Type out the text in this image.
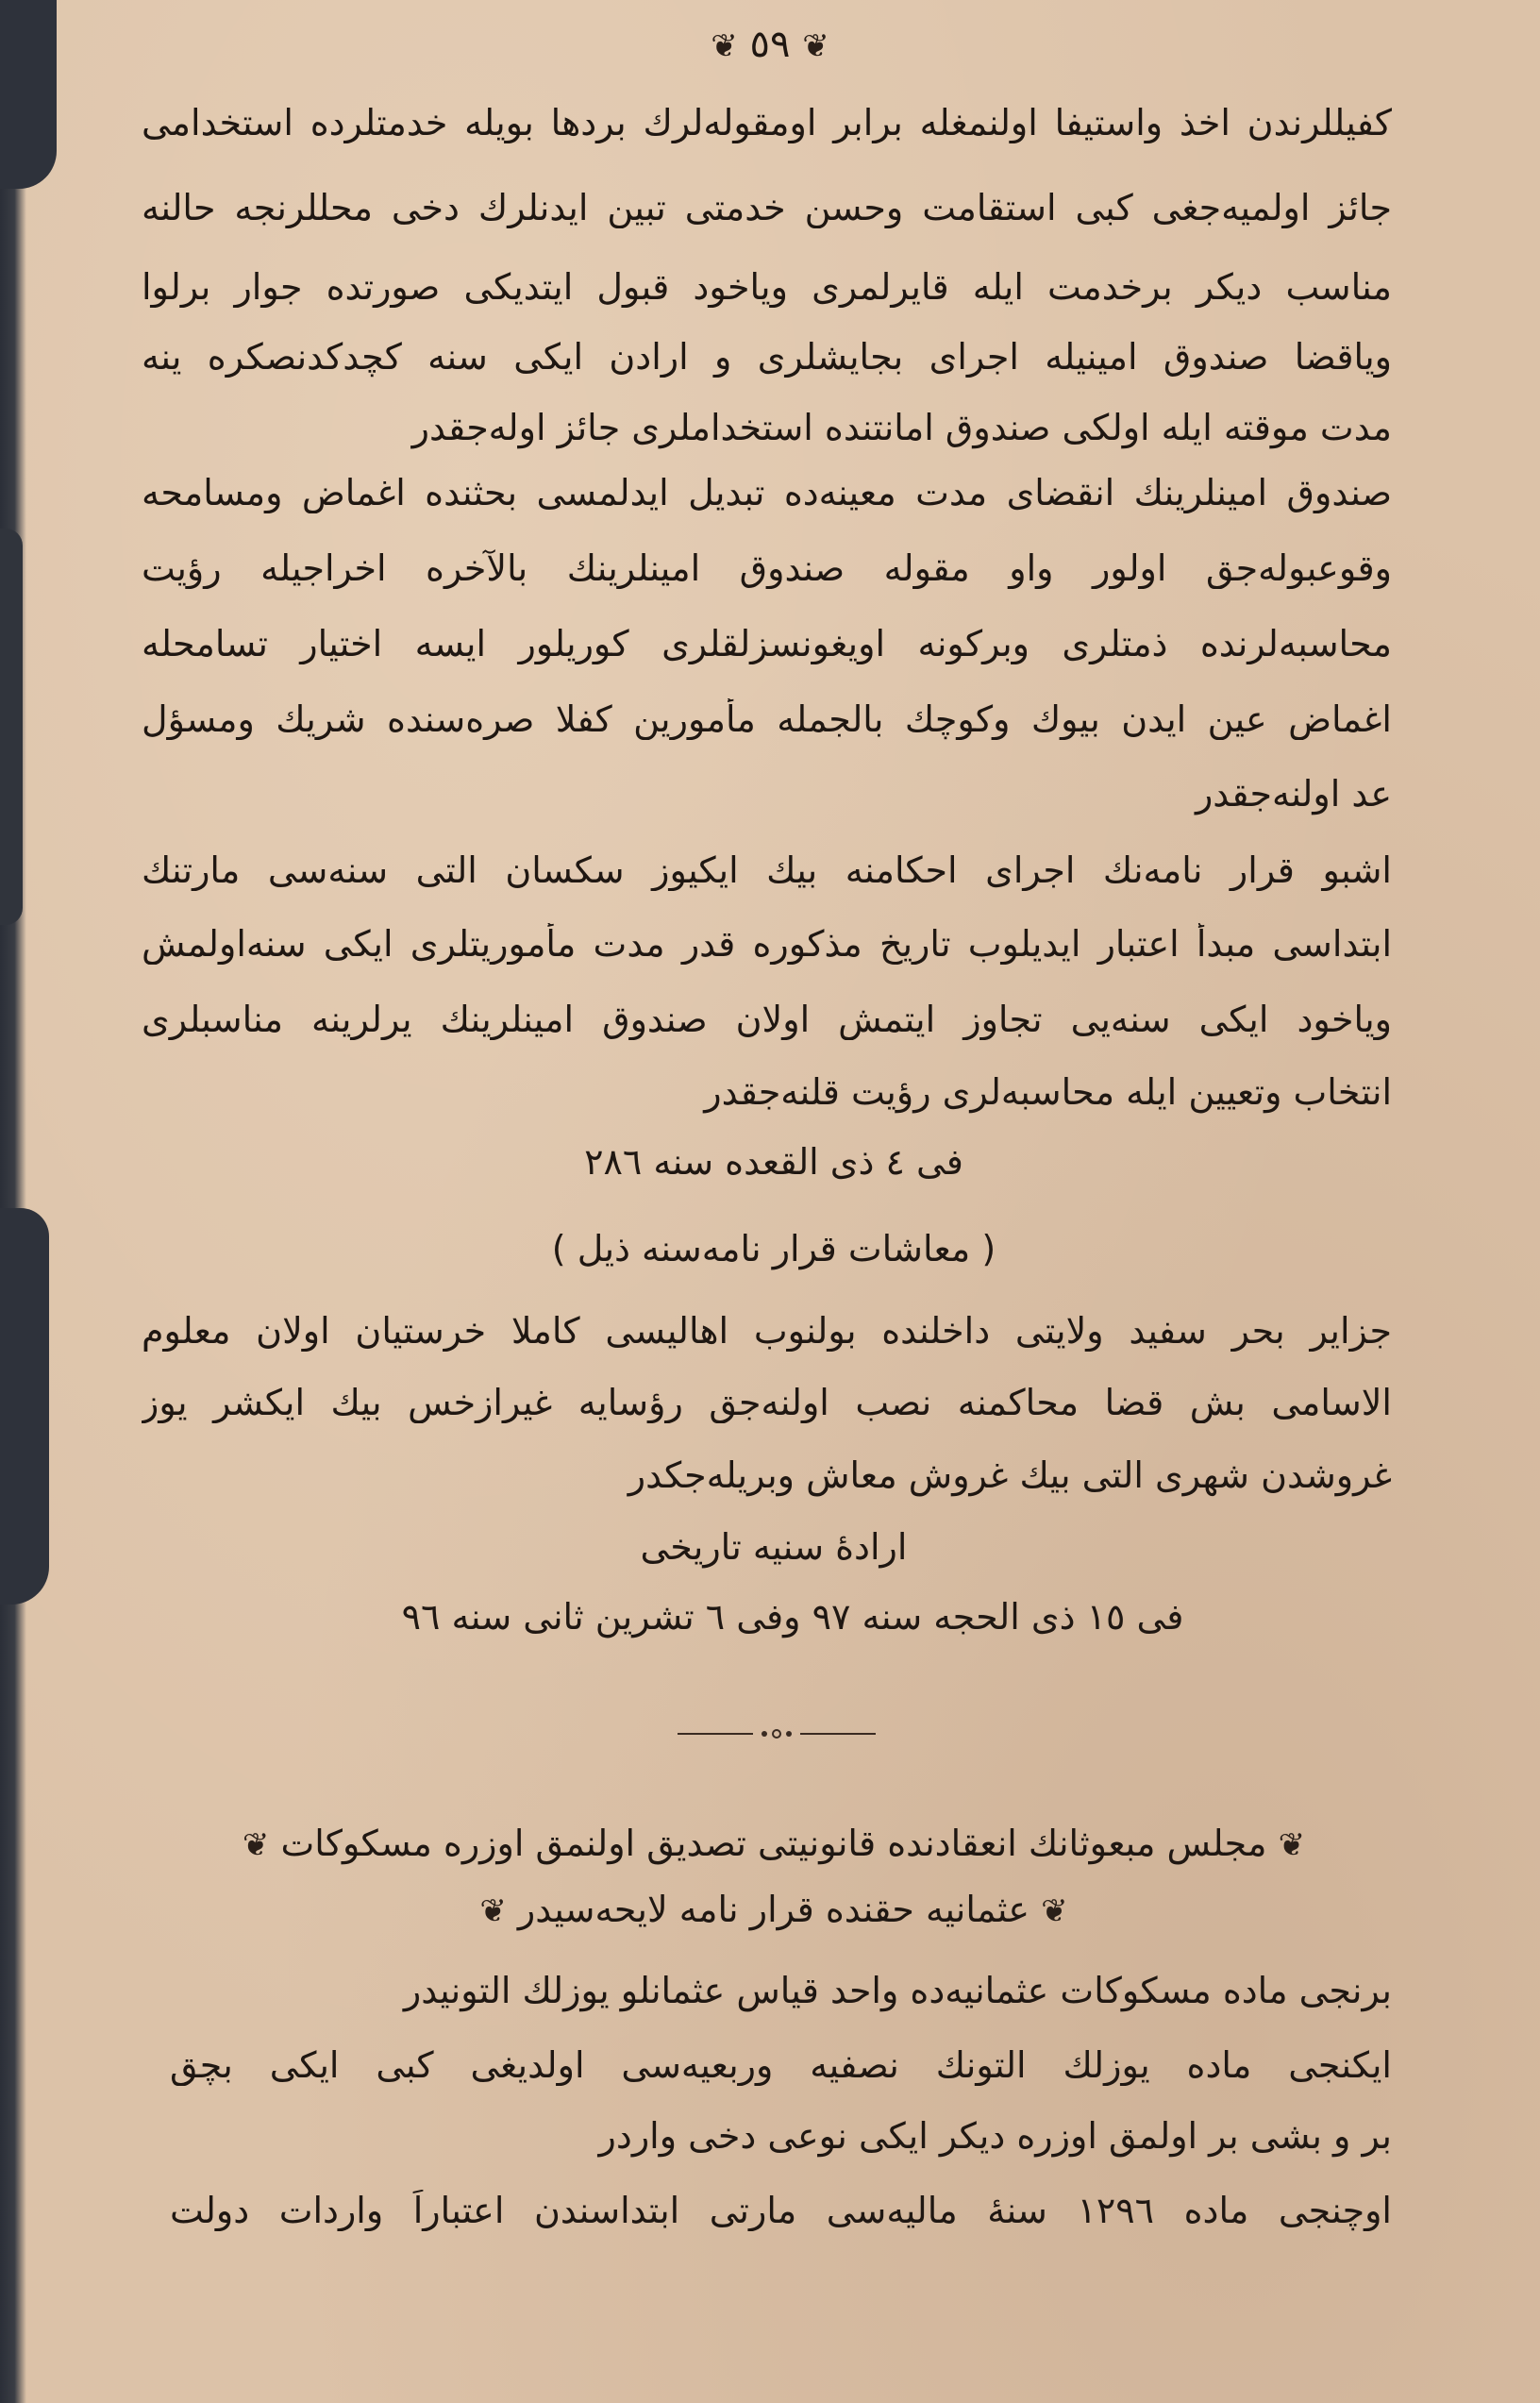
❦ ٥٩ ❦
کفیللرندن اخذ واستیفا اولنمغله برابر اومقوله‌لرك بردها بویله خدمتلرده استخدامی
جائز اولمیه‌جغی کبی استقامت وحسن خدمتی تبین ایدنلرك دخی محللرنجه حالنه
مناسب دیکر برخدمت ایله قایرلمری ویاخود قبول ایتدیکی صورتده جوار برلوا
ویاقضا صندوق امینیله اجرای بجایشلری و ارادن ایکی سنه کچدکدنصکره ینه
مدت موقته ایله اولکی صندوق امانتنده استخداملری جائز اوله‌جقدر
صندوق امینلرینك انقضای مدت معینه‌ده تبدیل ایدلمسی بحثنده اغماض ومسامحه
وقوعبوله‌جق اولور واو مقوله صندوق امینلرینك بالآخره اخراجیله رؤیت
محاسبه‌لرنده ذمتلری وبرکونه اویغونسزلقلری کوریلور ایسه اختیار تسامحله
اغماض عین ایدن بیوك وکوچك بالجمله مأمورین کفلا صره‌سنده شریك ومسؤل
عد اولنه‌جقدر
اشبو قرار نامه‌نك اجرای احکامنه بیك ایکیوز سکسان التی سنه‌سی مارتنك
ابتداسی مبدأ اعتبار ایدیلوب تاریخ مذکوره قدر مدت مأموریتلری ایکی سنه‌اولمش
ویاخود ایکی سنه‌یی تجاوز ایتمش اولان صندوق امینلرینك یرلرینه مناسبلری
انتخاب وتعیین ایله محاسبه‌لری رؤیت قلنه‌جقدر
فی ٤ ذی القعده سنه ٢٨٦
( معاشات قرار نامه‌سنه ذیل )
جزایر بحر سفید ولایتی داخلنده بولنوب اهالیسی کاملا خرستیان اولان معلوم
الاسامی بش قضا محاکمنه نصب اولنه‌جق رؤسایه غیرازخس بیك ایکشر یوز
غروشدن شهری التی بیك غروش معاش وبریله‌جکدر
ارادهٔ سنیه تاریخی
فی ١٥ ذی الحجه سنه ٩٧ وفی ٦ تشرین ثانی سنه ٩٦
❦ مجلس مبعوثانك انعقادنده قانونیتی تصدیق اولنمق اوزره مسکوکات ❦
❦ عثمانیه حقنده قرار نامه لایحه‌سیدر ❦
برنجی ماده مسکوکات عثمانیه‌ده واحد قیاس عثمانلو یوزلك التونیدر
ایکنجی ماده یوزلك التونك نصفیه وربعیه‌سی اولدیغی کبی ایکی بچق
بر و بشی بر اولمق اوزره دیکر ایکی نوعی دخی واردر
اوچنجی ماده ١٢٩٦ سنهٔ مالیه‌سی مارتی ابتداسندن اعتباراً واردات دولت
